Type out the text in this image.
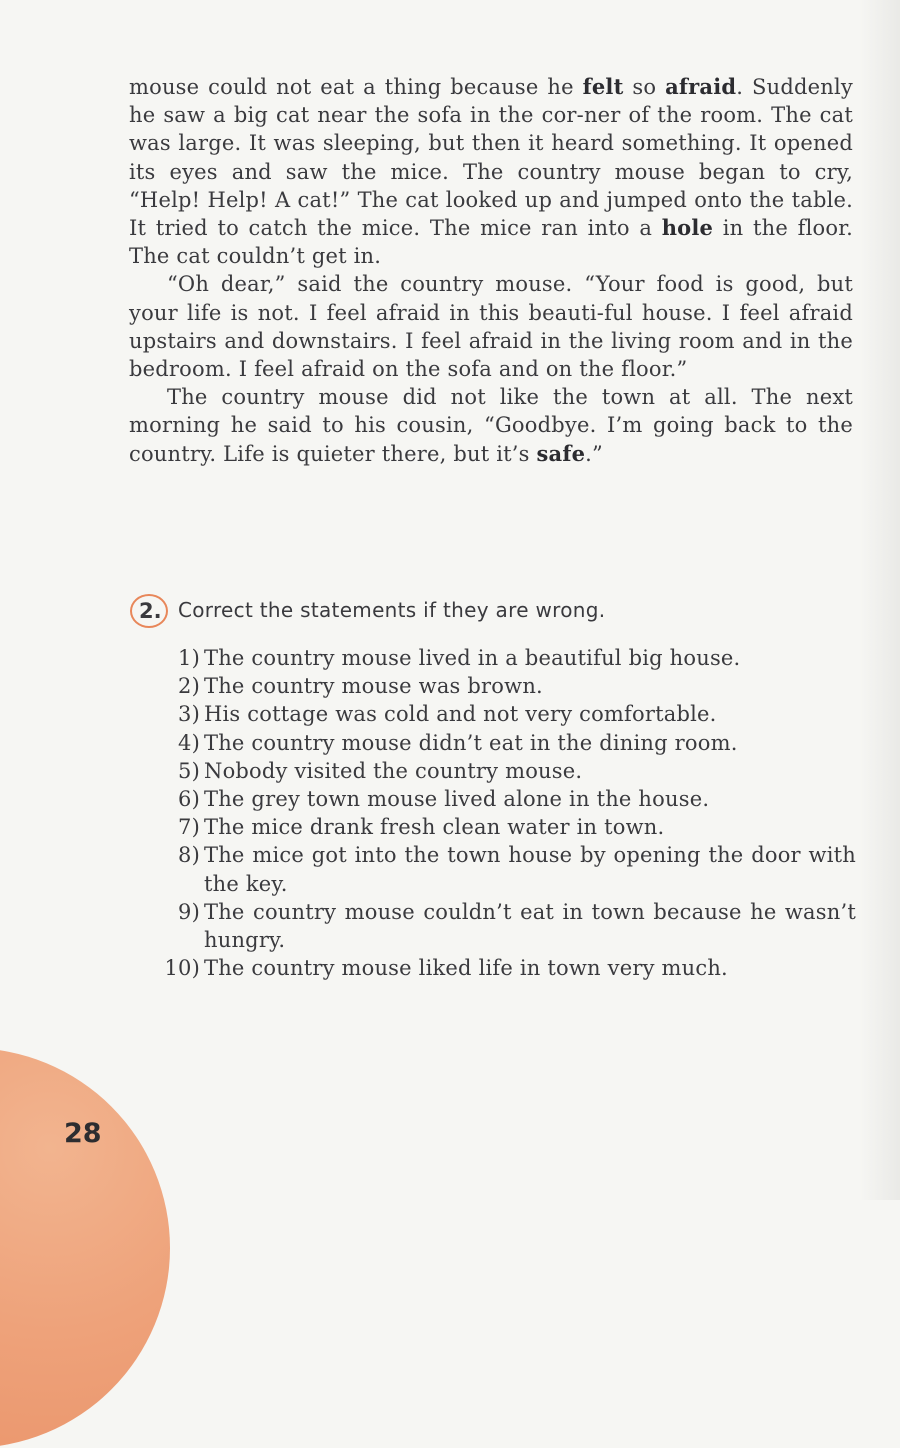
mouse could not eat a thing because he felt so afraid. Suddenly he saw a big cat near the sofa in the cor-ner of the room. The cat was large. It was sleeping, but then it heard something. It opened its eyes and saw the mice. The country mouse began to cry, “Help! Help! A cat!” The cat looked up and jumped onto the table. It tried to catch the mice. The mice ran into a hole in the floor. The cat couldn’t get in.

“Oh dear,” said the country mouse. “Your food is good, but your life is not. I feel afraid in this beauti-ful house. I feel afraid upstairs and downstairs. I feel afraid in the living room and in the bedroom. I feel afraid on the sofa and on the floor.”

The country mouse did not like the town at all. The next morning he said to his cousin, “Goodbye. I’m going back to the country. Life is quieter there, but it’s safe.”

2. Correct the statements if they are wrong.
1) The country mouse lived in a beautiful big house.
2) The country mouse was brown.
3) His cottage was cold and not very comfortable.
4) The country mouse didn’t eat in the dining room.
5) Nobody visited the country mouse.
6) The grey town mouse lived alone in the house.
7) The mice drank fresh clean water in town.
8) The mice got into the town house by opening the door with the key.
9) The country mouse couldn’t eat in town because he wasn’t hungry.
10) The country mouse liked life in town very much.
28
